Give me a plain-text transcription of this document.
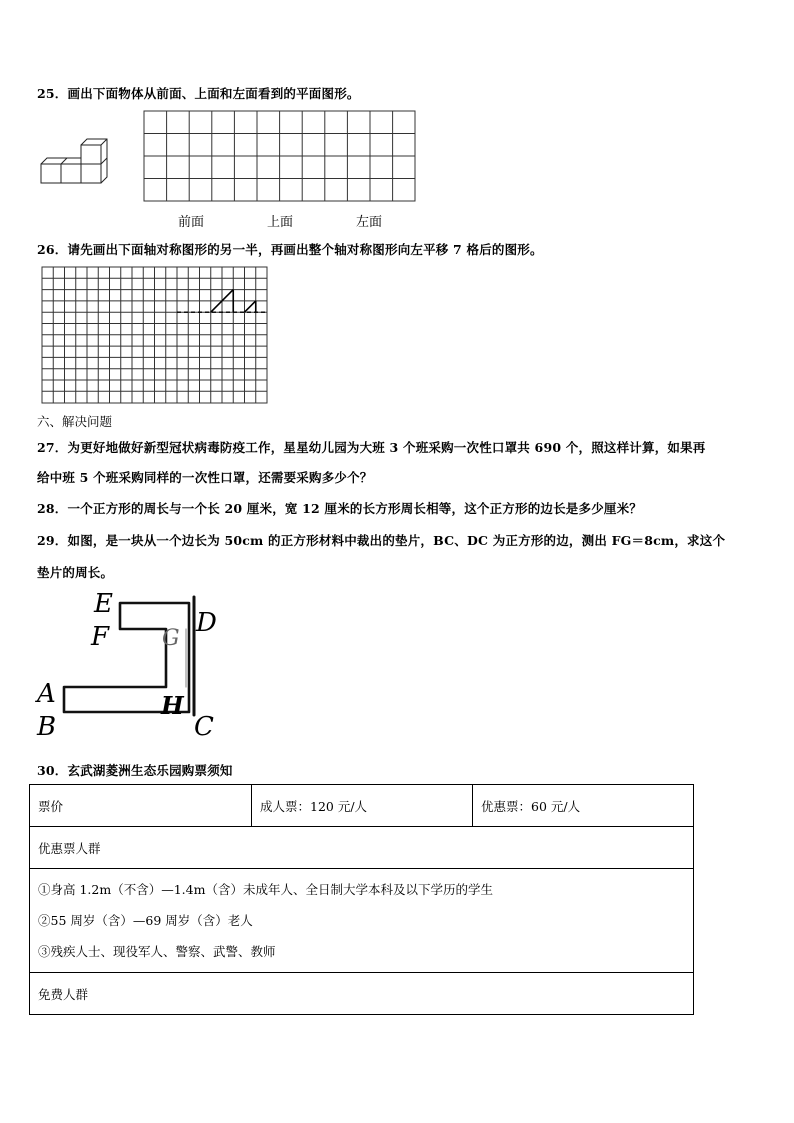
25．画出下面物体从前面、上面和左面看到的平面图形。
前面	上面	左面
26．请先画出下面轴对称图形的另一半，再画出整个轴对称图形向左平移 7 格后的图形。
六、解决问题
27．为更好地做好新型冠状病毒防疫工作，星星幼儿园为大班 3 个班采购一次性口罩共 690 个，照这样计算，如果再
给中班 5 个班采购同样的一次性口罩，还需要采购多少个？
28．一个正方形的周长与一个长 20 厘米，宽 12 厘米的长方形周长相等，这个正方形的边长是多少厘米？
29．如图，是一块从一个边长为 50cm 的正方形材料中裁出的垫片，BC、DC 为正方形的边，测出 FG＝8cm，求这个
垫片的周长。
E
F G
D
A
B
H
C
30．玄武湖菱洲生态乐园购票须知
票价	成人票：120 元/人	优惠票：60 元/人
优惠票人群

①身高 1.2m（不含）—1.4m（含）未成年人、全日制大学本科及以下学历的学生
②55 周岁（含）—69 周岁（含）老人
③残疾人士、现役军人、警察、武警、教师

免费人群
